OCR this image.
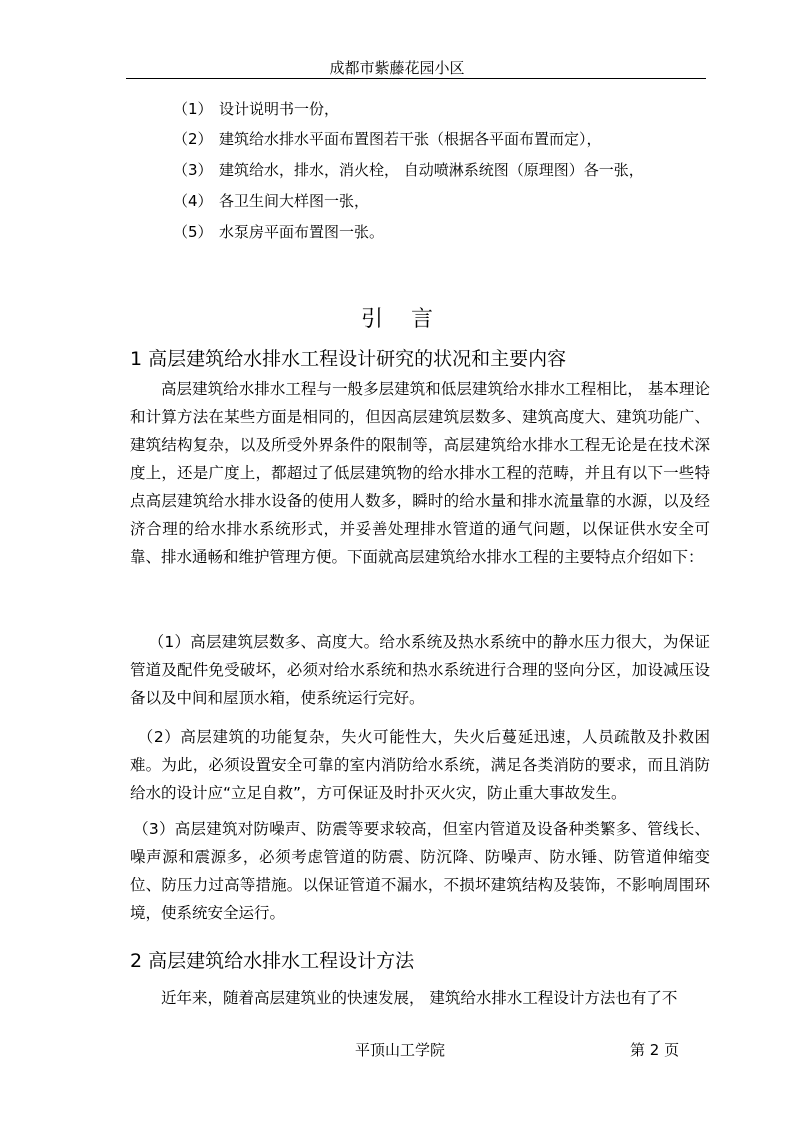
成都市紫藤花园小区
（1） 设计说明书一份，
（2） 建筑给水排水平面布置图若干张（根据各平面布置而定），
（3） 建筑给水，排水，消火栓， 自动喷淋系统图（原理图）各一张，
（4） 各卫生间大样图一张，
（5） 水泵房平面布置图一张。
引言
1 高层建筑给水排水工程设计研究的状况和主要内容

高层建筑给水排水工程与一般多层建筑和低层建筑给水排水工程相比， 基本理论和计算方法在某些方面是相同的，但因高层建筑层数多、建筑高度大、建筑功能广、建筑结构复杂，以及所受外界条件的限制等，高层建筑给水排水工程无论是在技术深度上，还是广度上，都超过了低层建筑物的给水排水工程的范畴，并且有以下一些特点高层建筑给水排水设备的使用人数多，瞬时的给水量和排水流量靠的水源，以及经济合理的给水排水系统形式，并妥善处理排水管道的通气问题，以保证供水安全可靠、排水通畅和维护管理方便。下面就高层建筑给水排水工程的主要特点介绍如下：

（1）高层建筑层数多、高度大。给水系统及热水系统中的静水压力很大，为保证管道及配件免受破坏，必须对给水系统和热水系统进行合理的竖向分区，加设减压设备以及中间和屋顶水箱，使系统运行完好。

（2）高层建筑的功能复杂，失火可能性大，失火后蔓延迅速，人员疏散及扑救困难。为此，必须设置安全可靠的室内消防给水系统，满足各类消防的要求，而且消防给水的设计应“立足自救”，方可保证及时扑灭火灾，防止重大事故发生。

（3）高层建筑对防噪声、防震等要求较高，但室内管道及设备种类繁多、管线长、噪声源和震源多，必须考虑管道的防震、防沉降、防噪声、防水锤、防管道伸缩变位、防压力过高等措施。以保证管道不漏水，不损坏建筑结构及装饰，不影响周围环境，使系统安全运行。

2 高层建筑给水排水工程设计方法

近年来，随着高层建筑业的快速发展， 建筑给水排水工程设计方法也有了不

平顶山工学院	第 2 页
